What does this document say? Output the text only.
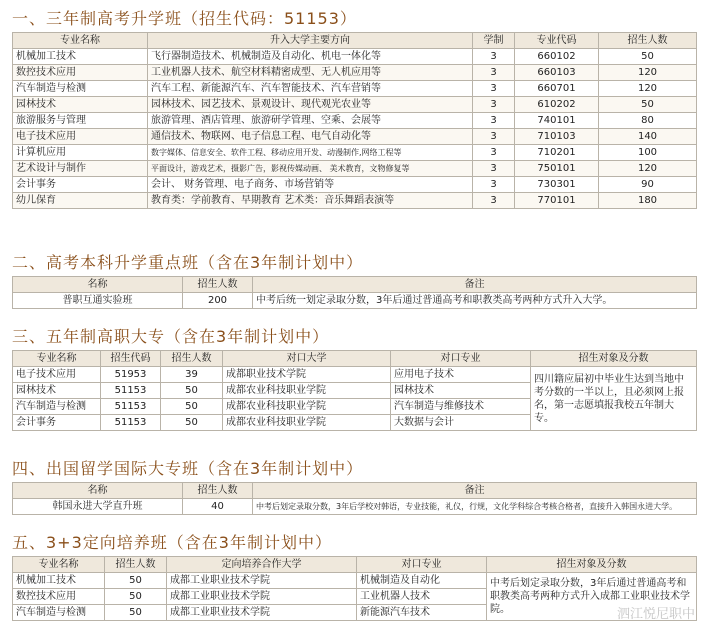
一、三年制高考升学班（招生代码：51153）
专业名称	升入大学主要方向	学制	专业代码	招生人数
机械加工技术	飞行器制造技术、机械制造及自动化、机电一体化等	3	660102	50
数控技术应用	工业机器人技术、航空材料精密成型、无人机应用等	3	660103	120
汽车制造与检测	汽车工程、新能源汽车、汽车智能技术、汽车营销等	3	660701	120
园林技术	园林技术、园艺技术、景观设计、现代观光农业等	3	610202	50
旅游服务与管理	旅游管理、酒店管理、旅游研学管理、空乘、会展等	3	740101	80
电子技术应用	通信技术、物联网、电子信息工程、电气自动化等	3	710103	140
计算机应用	数字媒体、信息安全、软件工程、移动应用开发、动漫制作,网络工程等	3	710201	100
艺术设计与制作	平面设计，游戏艺术，摄影广告，影视传媒动画、 美术教育，文物修复等	3	750101	120
会计事务	会计、 财务管理、电子商务、市场营销等	3	730301	90
幼儿保育	教育类：学前教育、早期教育 艺术类：音乐舞蹈表演等	3	770101	180
二、高考本科升学重点班（含在3年制计划中）
名称	招生人数	备注
普职互通实验班	200	中考后统一划定录取分数，3年后通过普通高考和职教类高考两种方式升入大学。
三、五年制高职大专（含在3年制计划中）
专业名称	招生代码	招生人数	对口大学	对口专业	招生对象及分数
电子技术应用	51953	39	成都职业技术学院	应用电子技术	四川籍应届初中毕业生达到当地中考分数的一半以上，且必须网上报名，第一志愿填报我校五年制大专。
园林技术	51153	50	成都农业科技职业学院	园林技术	
汽车制造与检测	51153	50	成都农业科技职业学院	汽车制造与维修技术	
会计事务	51153	50	成都农业科技职业学院	大数据与会计	
四、出国留学国际大专班（含在3年制计划中）
名称	招生人数	备注
韩国永进大学直升班	40	中考后划定录取分数，3年后学校对韩语，专业技能，礼仪，行规，文化学科综合考核合格者，直接升入韩国永进大学。
五、3+3定向培养班（含在3年制计划中）
专业名称	招生人数	定向培养合作大学	对口专业	招生对象及分数
机械加工技术	50	成都工业职业技术学院	机械制造及自动化	中考后划定录取分数，3年后通过普通高考和职教类高考两种方式升入成都工业职业技术学院。
数控技术应用	50	成都工业职业技术学院	工业机器人技术	
汽车制造与检测	50	成都工业职业技术学院	新能源汽车技术		泗江悦尼职中
